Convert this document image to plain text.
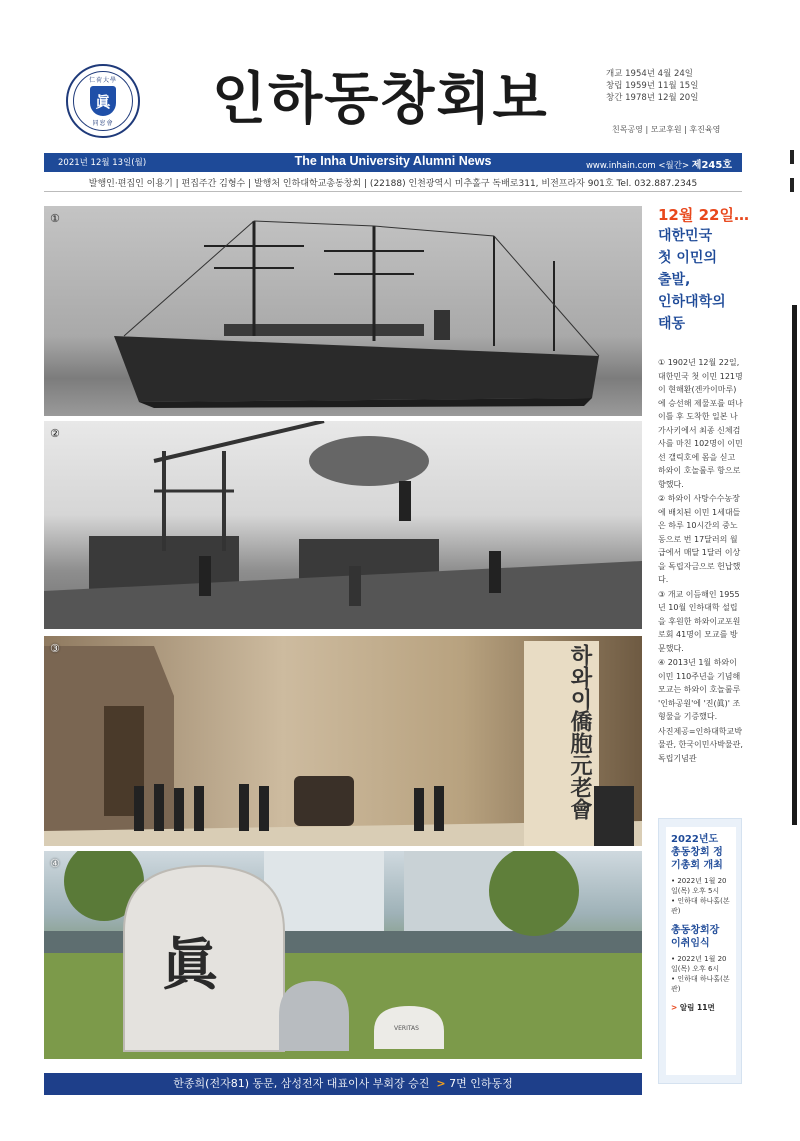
仁荷大學
眞
同窓會	인하동창회보	개교 1954년 4월 24일
창립 1959년 11월 15일
창간 1978년 12월 20일
친목공영 | 모교후원 | 후진육영
2021년 12월 13일(월)	The Inha University Alumni News	www.inhain.com <월간> 제245호
발행인·편집인 이용기 | 편집주간 김형수 | 발행처 인하대학교총동창회 | (22188) 인천광역시 미추홀구 독배로311, 비전프라자 901호 Tel. 032.887.2345
①
②
하와이僑胞元老會
③
眞
VERITAS
④
12월 22일…
대한민국
첫 이민의
출발,
인하대학의
태동

① 1902년 12월 22일, 대한민국 첫 이민 121명이 현해환(겐카이마루)에 승선해 제물포를 떠나 이틀 후 도착한 일본 나가사키에서 최종 신체검사를 마친 102명이 이민선 갤릭호에 몸을 싣고 하와이 호놀룰루 항으로 향했다.

② 하와이 사탕수수농장에 배치된 이민 1세대들은 하루 10시간의 중노동으로 번 17달러의 월급에서 매달 1달러 이상을 독립자금으로 헌납했다.

③ 개교 이듬해인 1955년 10월 인하대학 설립을 후원한 하와이교포원로회 41명이 모교를 방문했다.

④ 2013년 1월 하와이이민 110주년을 기념해 모교는 하와이 호놀룰루 '인하공원'에 '진(眞)' 조형물을 기증했다.

사진제공=인하대학교박물관, 한국이민사박물관, 독립기념관

2022년도 총동창회 정기총회 개최
• 2022년 1월 20일(목) 오후 5시
• 인하대 하나홀(본관)
총동창회장 이취임식
• 2022년 1월 20일(목) 오후 6시
• 인하대 하나홀(본관)
> 알림 11면
한종희(전자81) 동문, 삼성전자 대표이사 부회장 승진 > 7면 인하동정
